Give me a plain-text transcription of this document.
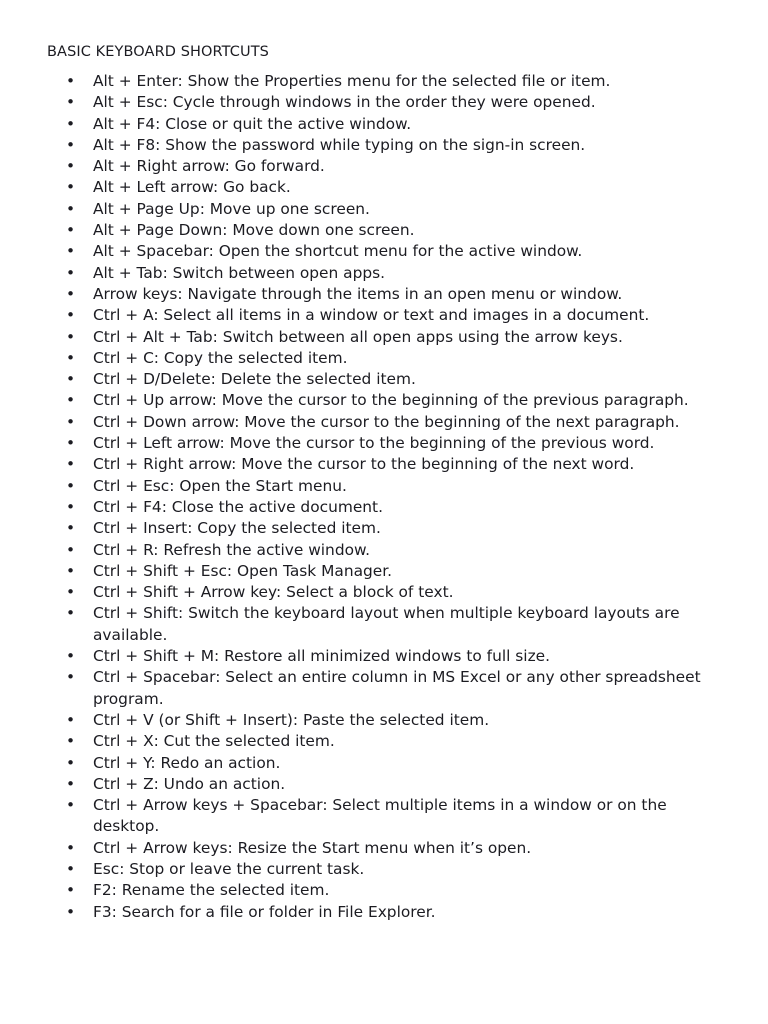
BASIC KEYBOARD SHORTCUTS
• Alt + Enter: Show the Properties menu for the selected file or item.
• Alt + Esc: Cycle through windows in the order they were opened.
• Alt + F4: Close or quit the active window.
• Alt + F8: Show the password while typing on the sign-in screen.
• Alt + Right arrow: Go forward.
• Alt + Left arrow: Go back.
• Alt + Page Up: Move up one screen.
• Alt + Page Down: Move down one screen.
• Alt + Spacebar: Open the shortcut menu for the active window.
• Alt + Tab: Switch between open apps.
• Arrow keys: Navigate through the items in an open menu or window.
• Ctrl + A: Select all items in a window or text and images in a document.
• Ctrl + Alt + Tab: Switch between all open apps using the arrow keys.
• Ctrl + C: Copy the selected item.
• Ctrl + D/Delete: Delete the selected item.
• Ctrl + Up arrow: Move the cursor to the beginning of the previous paragraph.
• Ctrl + Down arrow: Move the cursor to the beginning of the next paragraph.
• Ctrl + Left arrow: Move the cursor to the beginning of the previous word.
• Ctrl + Right arrow: Move the cursor to the beginning of the next word.
• Ctrl + Esc: Open the Start menu.
• Ctrl + F4: Close the active document.
• Ctrl + Insert: Copy the selected item.
• Ctrl + R: Refresh the active window.
• Ctrl + Shift + Esc: Open Task Manager.
• Ctrl + Shift + Arrow key: Select a block of text.
• Ctrl + Shift: Switch the keyboard layout when multiple keyboard layouts are available.
• Ctrl + Shift + M: Restore all minimized windows to full size.
• Ctrl + Spacebar: Select an entire column in MS Excel or any other spreadsheet program.
• Ctrl + V (or Shift + Insert): Paste the selected item.
• Ctrl + X: Cut the selected item.
• Ctrl + Y: Redo an action.
• Ctrl + Z: Undo an action.
• Ctrl + Arrow keys + Spacebar: Select multiple items in a window or on the desktop.
• Ctrl + Arrow keys: Resize the Start menu when it’s open.
• Esc: Stop or leave the current task.
• F2: Rename the selected item.
• F3: Search for a file or folder in File Explorer.
